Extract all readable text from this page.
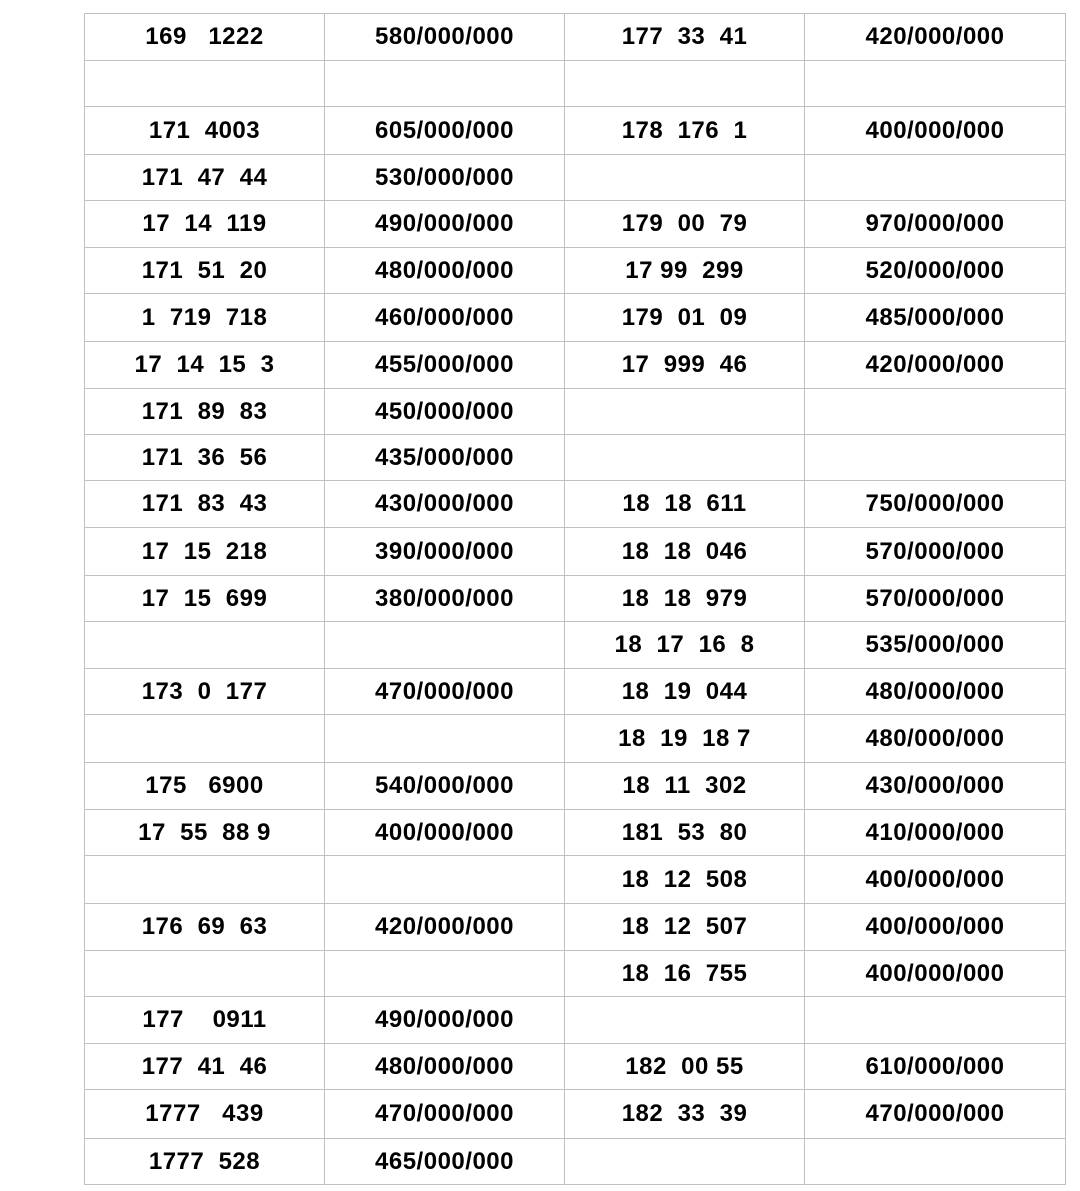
169   1222	580/000/000	177  33  41	420/000/000

171  4003	605/000/000	178  176  1	400/000/000
171  47  44	530/000/000		
17  14  119	490/000/000	179  00  79	970/000/000
171  51  20	480/000/000	17 99  299	520/000/000
1  719  718	460/000/000	179  01  09	485/000/000
17  14  15  3	455/000/000	17  999  46	420/000/000
171  89  83	450/000/000		
171  36  56	435/000/000		
171  83  43	430/000/000	18  18  611	750/000/000
17  15  218	390/000/000	18  18  046	570/000/000
17  15  699	380/000/000	18  18  979	570/000/000
		18  17  16  8	535/000/000
173  0  177	470/000/000	18  19  044	480/000/000
		18  19  18 7	480/000/000
175   6900	540/000/000	18  11  302	430/000/000
17  55  88 9	400/000/000	181  53  80	410/000/000
		18  12  508	400/000/000
176  69  63	420/000/000	18  12  507	400/000/000
		18  16  755	400/000/000
177    0911	490/000/000		
177  41  46	480/000/000	182  00 55	610/000/000
1777   439	470/000/000	182  33  39	470/000/000
1777  528	465/000/000		
